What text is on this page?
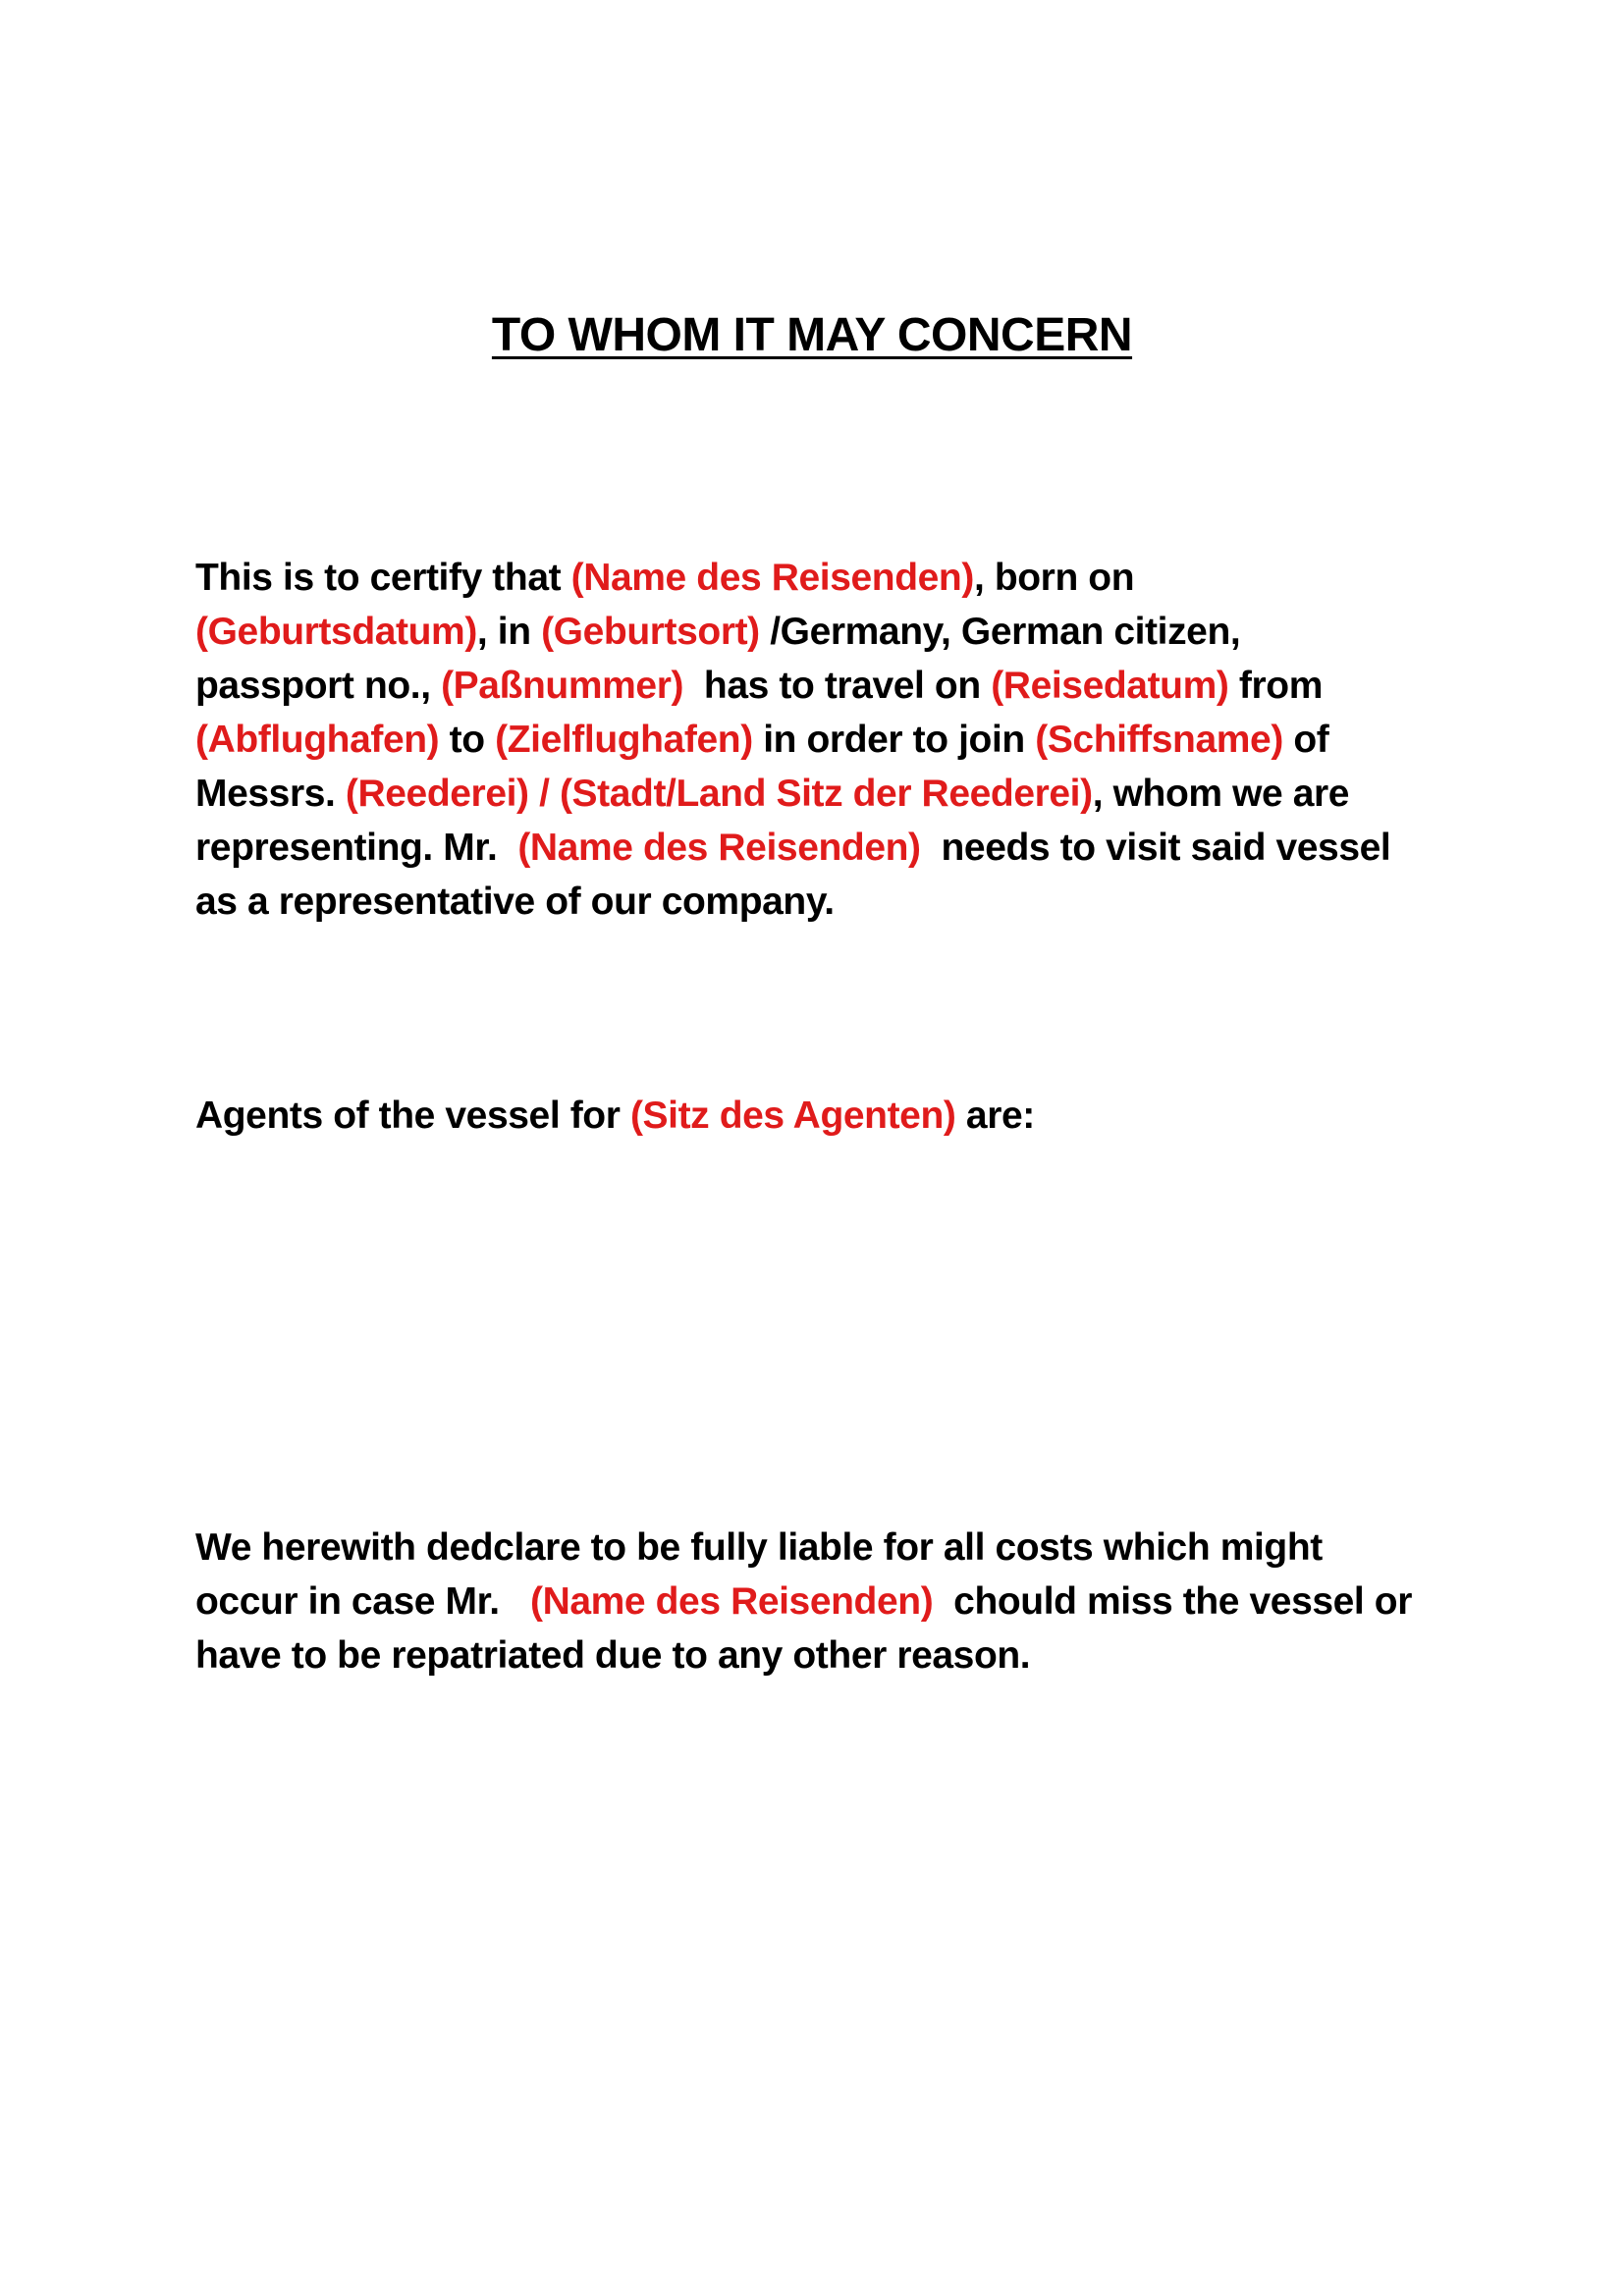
TO WHOM IT MAY CONCERN
This is to certify that (Name des Reisenden), born on
(Geburtsdatum), in (Geburtsort) /Germany, German citizen,
passport no., (Paßnummer)  has to travel on (Reisedatum) from
(Abflughafen) to (Zielflughafen) in order to join (Schiffsname) of
Messrs. (Reederei) / (Stadt/Land Sitz der Reederei), whom we are
representing. Mr.  (Name des Reisenden)  needs to visit said vessel
as a representative of our company.
Agents of the vessel for (Sitz des Agenten) are:
We herewith dedclare to be fully liable for all costs which might
occur in case Mr.   (Name des Reisenden)  chould miss the vessel or
have to be repatriated due to any other reason.
